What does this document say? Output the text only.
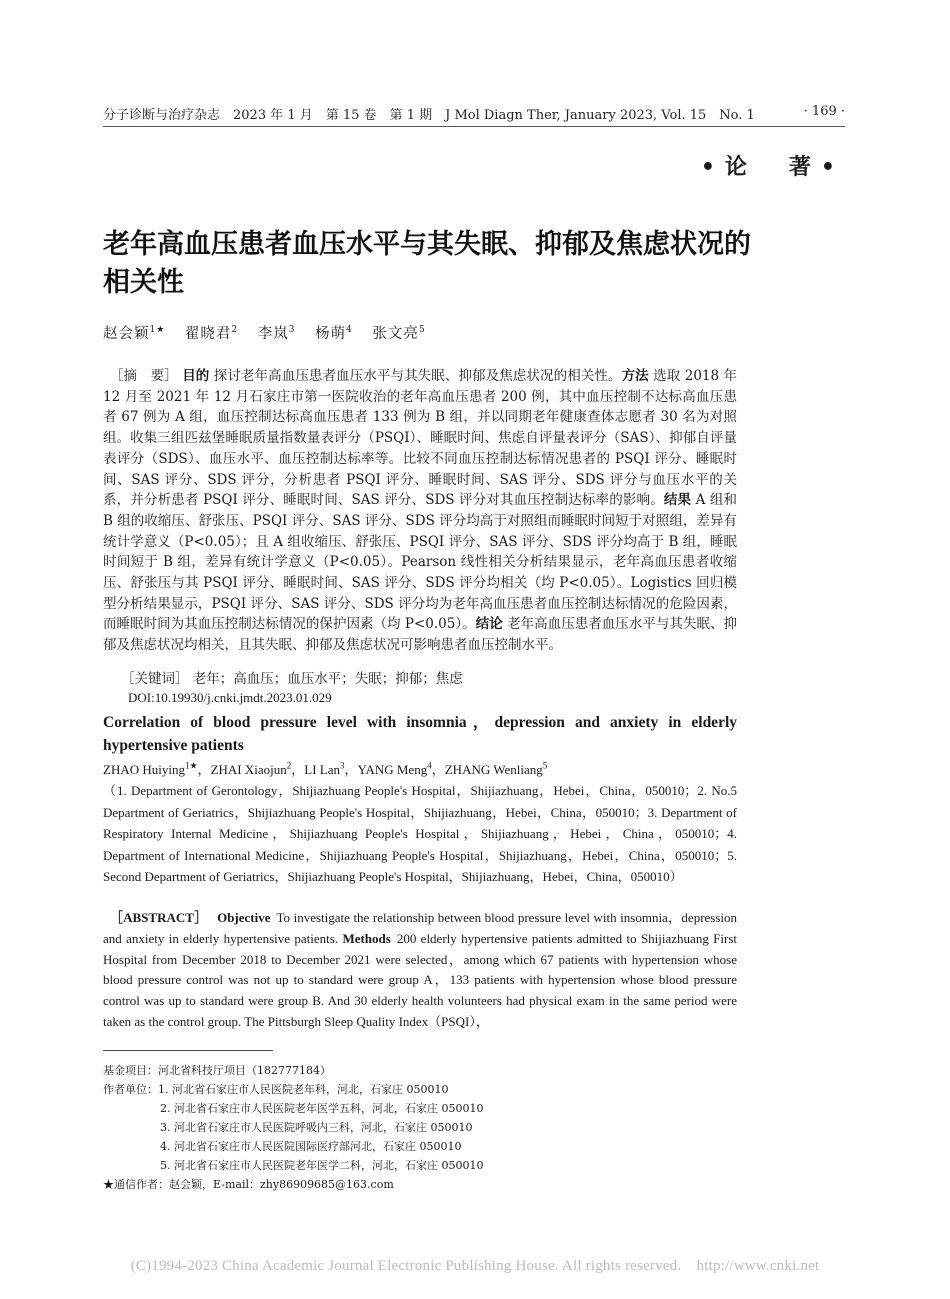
分子诊断与治疗杂志　2023 年 1 月　第 15 卷　第 1 期　J Mol Diagn Ther, January 2023, Vol. 15　No. 1	· 169 ·
•论　著•
老年高血压患者血压水平与其失眠、抑郁及焦虑状况的相关性
赵会颖$^{1★}$ 翟晓君$^2$ 李岚$^3$ 杨萌$^4$ 张文亮$^5$
　［摘　要］ 目的 探讨老年高血压患者血压水平与其失眠、抑郁及焦虑状况的相关性。方法 选取 2018 年 12 月至 2021 年 12 月石家庄市第一医院收治的老年高血压患者 200 例，其中血压控制不达标高血压患者 67 例为 A 组，血压控制达标高血压患者 133 例为 B 组，并以同期老年健康查体志愿者 30 名为对照组。收集三组匹兹堡睡眠质量指数量表评分（PSQI）、睡眠时间、焦虑自评量表评分（SAS）、抑郁自评量表评分（SDS）、血压水平、血压控制达标率等。比较不同血压控制达标情况患者的 PSQI 评分、睡眠时间、SAS 评分、SDS 评分，分析患者 PSQI 评分、睡眠时间、SAS 评分、SDS 评分与血压水平的关系，并分析患者 PSQI 评分、睡眠时间、SAS 评分、SDS 评分对其血压控制达标率的影响。结果 A 组和 B 组的收缩压、舒张压、PSQI 评分、SAS 评分、SDS 评分均高于对照组而睡眠时间短于对照组，差异有统计学意义（P<0.05）；且 A 组收缩压、舒张压、PSQI 评分、SAS 评分、SDS 评分均高于 B 组，睡眠时间短于 B 组，差异有统计学意义（P<0.05）。Pearson 线性相关分析结果显示，老年高血压患者收缩压、舒张压与其 PSQI 评分、睡眠时间、SAS 评分、SDS 评分均相关（均 P<0.05）。Logistics 回归模型分析结果显示，PSQI 评分、SAS 评分、SDS 评分均为老年高血压患者血压控制达标情况的危险因素，而睡眠时间为其血压控制达标情况的保护因素（均 P<0.05）。结论 老年高血压患者血压水平与其失眠、抑郁及焦虑状况均相关，且其失眠、抑郁及焦虑状况可影响患者血压控制水平。
［关键词］ 老年；高血压；血压水平；失眠；抑郁；焦虑
DOI:10.19930/j.cnki.jmdt.2023.01.029
Correlation of blood pressure level with insomnia，depression and anxiety in elderly hypertensive patients
ZHAO Huiying$^{1★}$，ZHAI Xiaojun$^2$，LI Lan$^3$，YANG Meng$^4$，ZHANG Wenliang$^5$
（1. Department of Gerontology，Shijiazhuang People's Hospital，Shijiazhuang，Hebei，China，050010；2. No.5 Department of Geriatrics，Shijiazhuang People's Hospital，Shijiazhuang，Hebei，China，050010；3. Department of Respiratory Internal Medicine，Shijiazhuang People's Hospital，Shijiazhuang，Hebei，China，050010；4. Department of International Medicine，Shijiazhuang People's Hospital，Shijiazhuang，Hebei，China，050010；5. Second Department of Geriatrics，Shijiazhuang People's Hospital，Shijiazhuang，Hebei，China，050010）
　［ABSTRACT］ Objective To investigate the relationship between blood pressure level with insomnia，depression and anxiety in elderly hypertensive patients. Methods 200 elderly hypertensive patients admitted to Shijiazhuang First Hospital from December 2018 to December 2021 were selected，among which 67 patients with hypertension whose blood pressure control was not up to standard were group A，133 patients with hypertension whose blood pressure control was up to standard were group B. And 30 elderly health volunteers had physical exam in the same period were taken as the control group. The Pittsburgh Sleep Quality Index（PSQI），
基金项目：河北省科技厅项目（182777184）
作者单位：1. 河北省石家庄市人民医院老年科，河北，石家庄 050010
2. 河北省石家庄市人民医院老年医学五科，河北，石家庄 050010
3. 河北省石家庄市人民医院呼吸内三科，河北，石家庄 050010
4. 河北省石家庄市人民医院国际医疗部河北，石家庄 050010
5. 河北省石家庄市人民医院老年医学二科，河北，石家庄 050010
★通信作者：赵会颖，E-mail：zhy86909685@163.com
(C)1994-2023 China Academic Journal Electronic Publishing House. All rights reserved.　http://www.cnki.net
